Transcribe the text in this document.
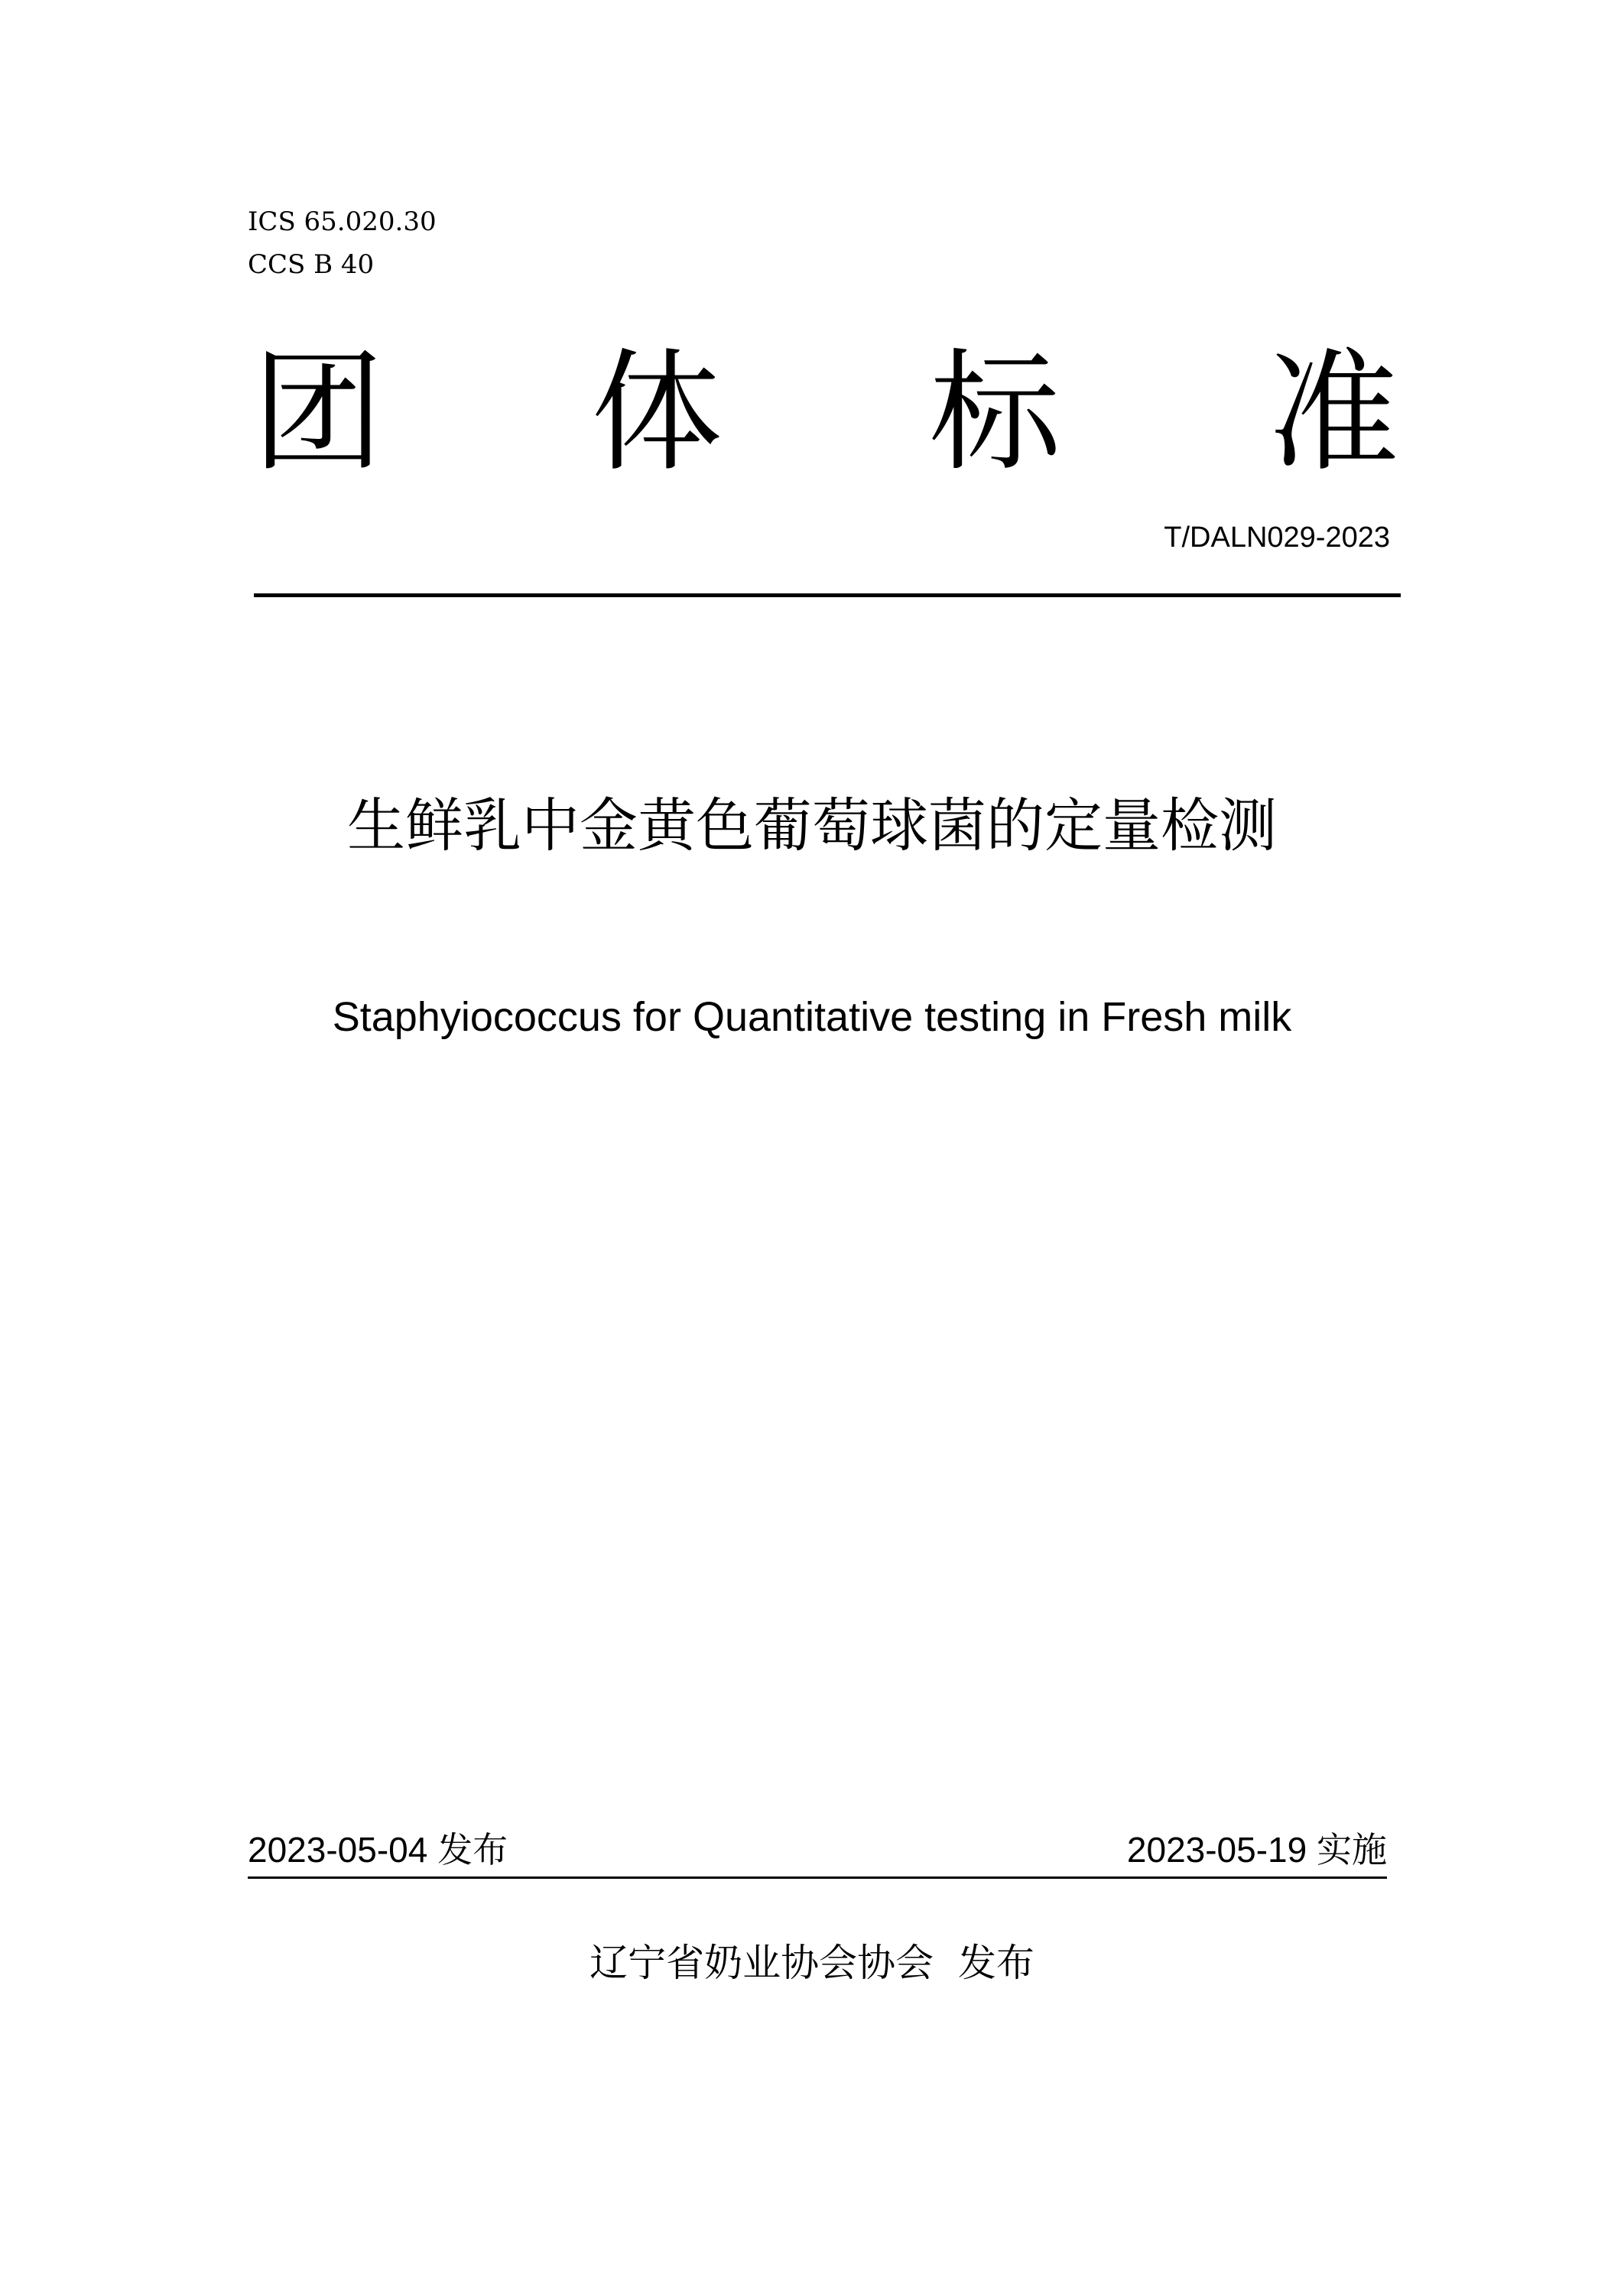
ICS 65.020.30
CCS B 40
团 体 标 准
T/DALN029-2023
生鲜乳中金黄色葡萄球菌的定量检测
Staphyiococcus for Quantitative testing in Fresh milk
2023-05-04 发布	2023-05-19 实施
辽宁省奶业协会协会  发布
